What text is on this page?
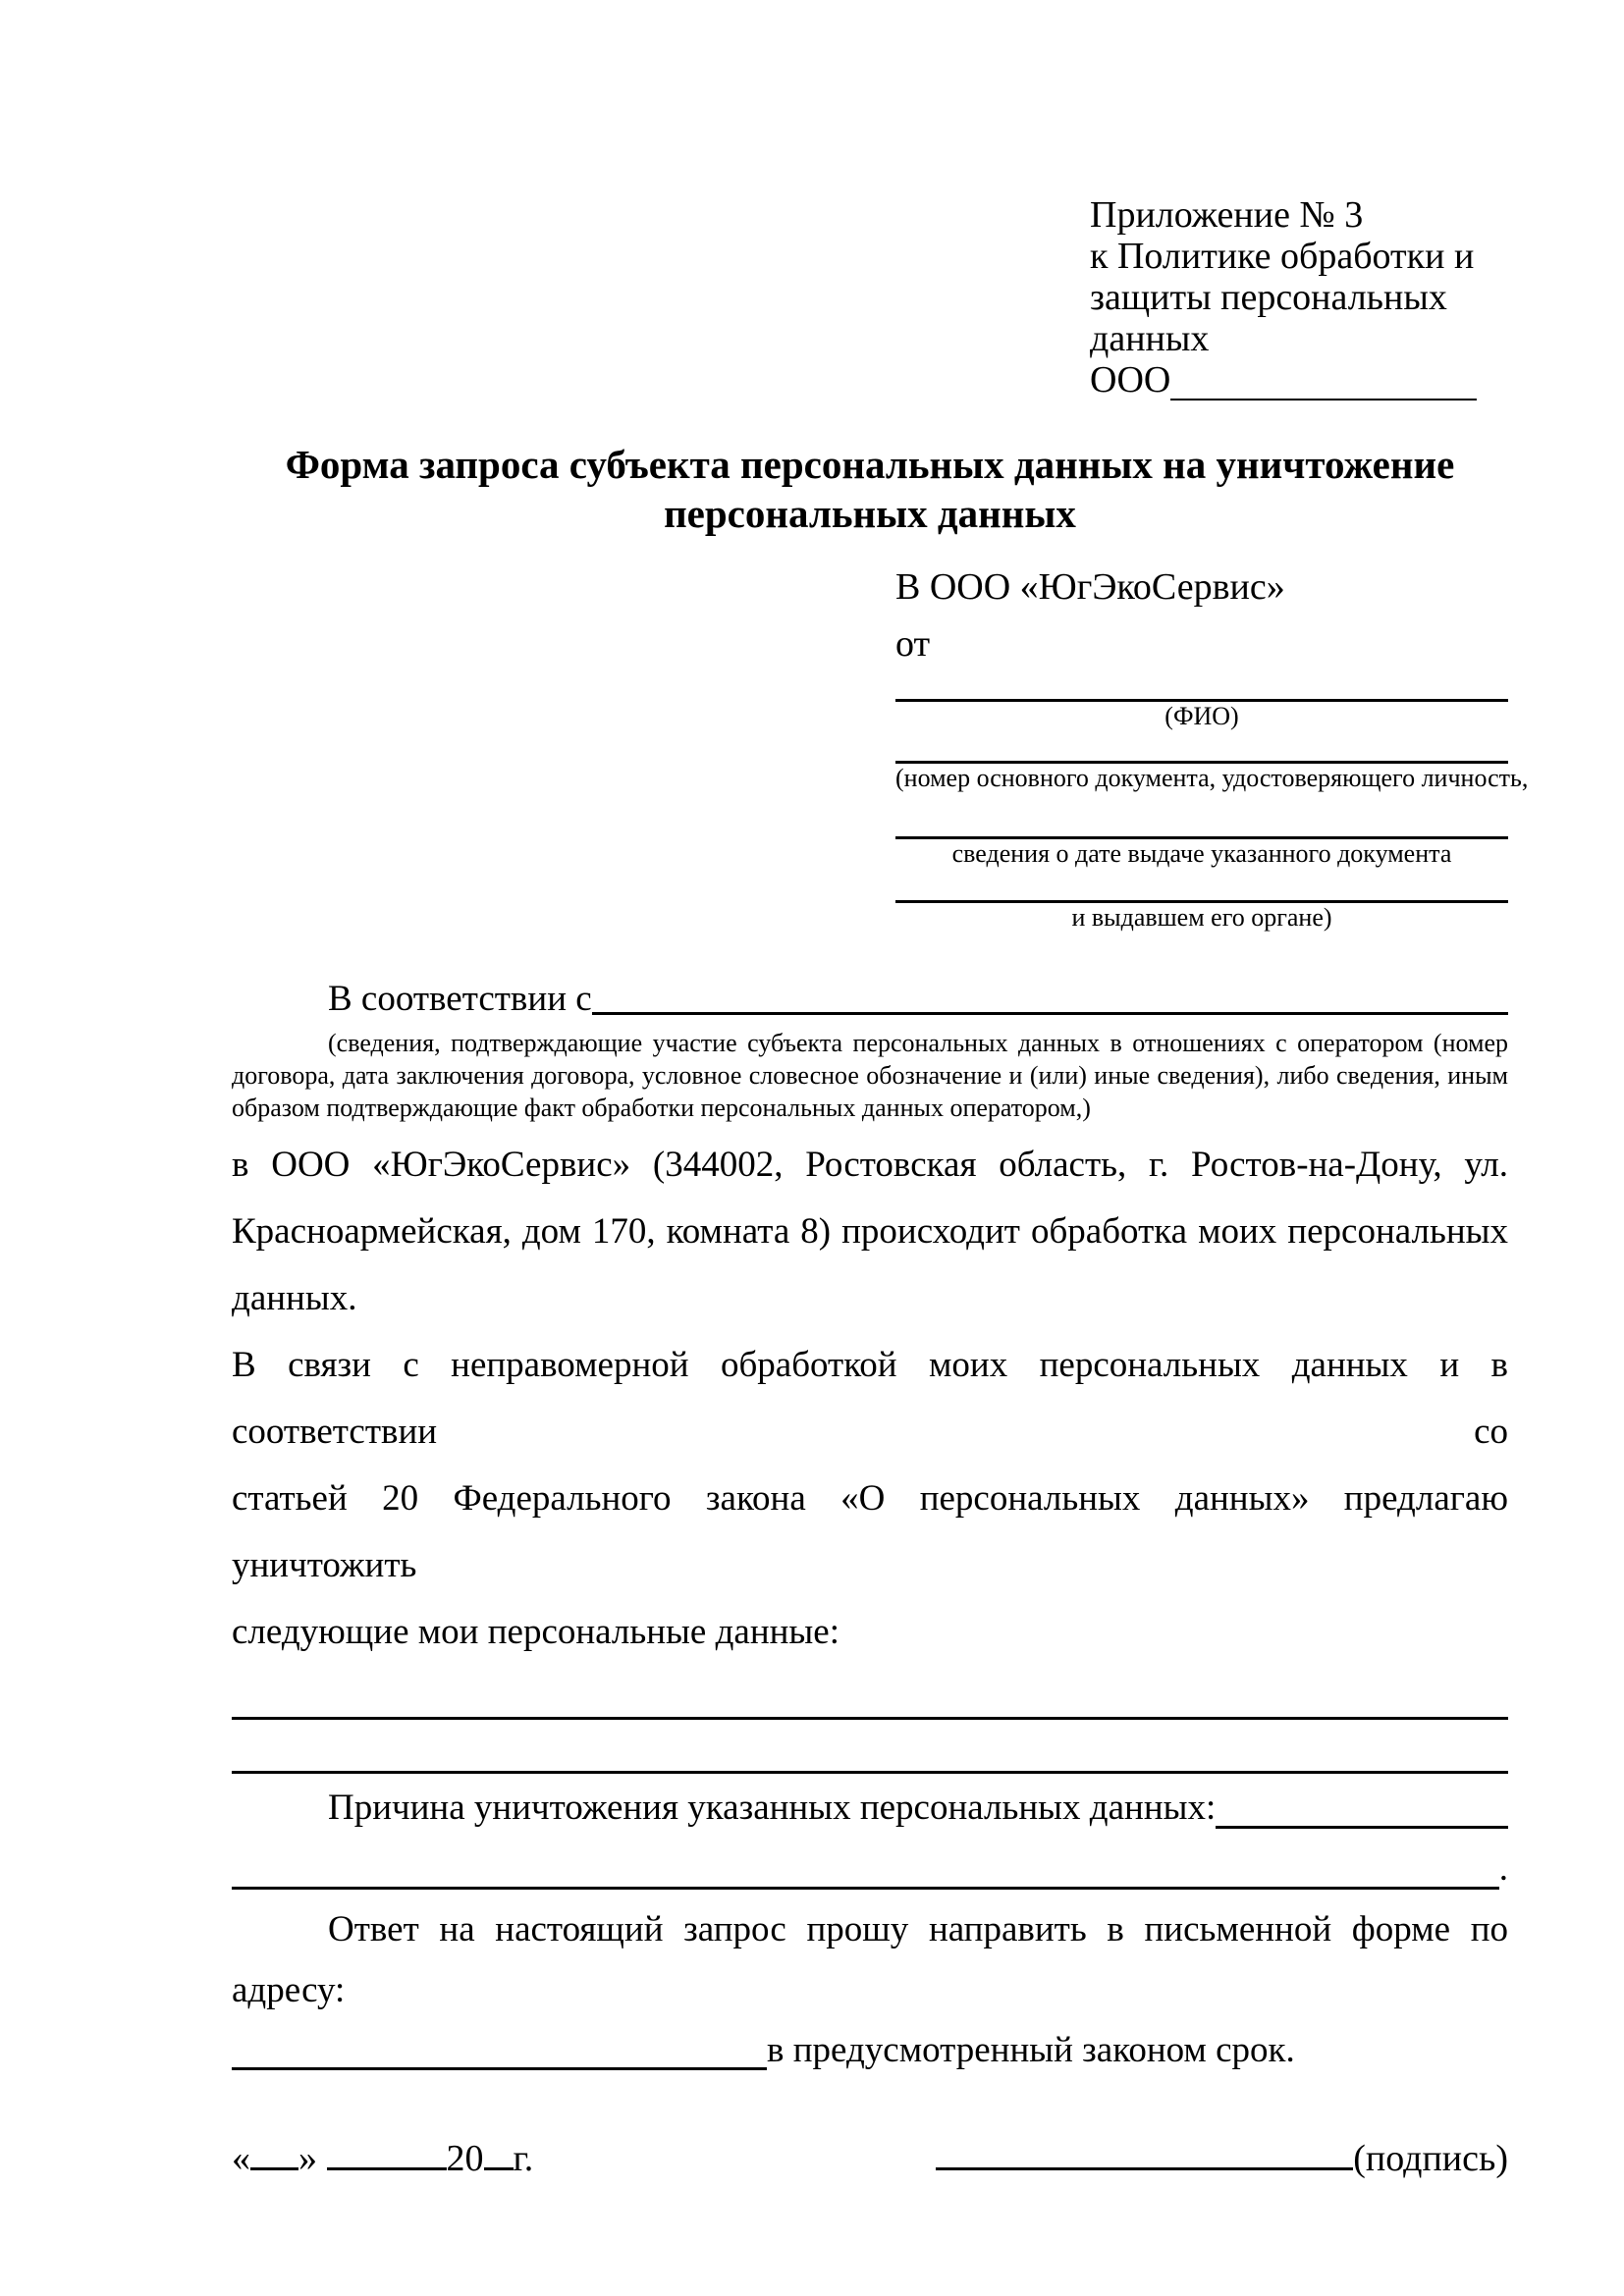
Приложение № 3
к Политике обработки и
защиты персональных данных
ООО
Форма запроса субъекта персональных данных на уничтожение
персональных данных
В ООО «ЮгЭкоСервис»
от
(ФИО)
(номер основного документа, удостоверяющего личность,
сведения о дате выдаче указанного документа
и выдавшем его органе)
В соответствии с
(сведения, подтверждающие участие субъекта персональных данных в отношениях с оператором (номер договора, дата заключения договора, условное словесное обозначение и (или) иные сведения), либо сведения, иным образом подтверждающие факт обработки персональных данных оператором,)
в ООО «ЮгЭкоСервис» (344002, Ростовская область, г. Ростов-на-Дону, ул.
Красноармейская, дом 170, комната 8) происходит обработка моих персональных данных.
В связи с неправомерной обработкой моих персональных данных и в соответствии со
статьей 20 Федерального закона «О персональных данных» предлагаю уничтожить
следующие мои персональные данные:
Причина уничтожения указанных персональных данных:
.
Ответ на настоящий запрос прошу направить в письменной форме по адресу:
в предусмотренный законом срок.
« »	20 г.	(подпись)
